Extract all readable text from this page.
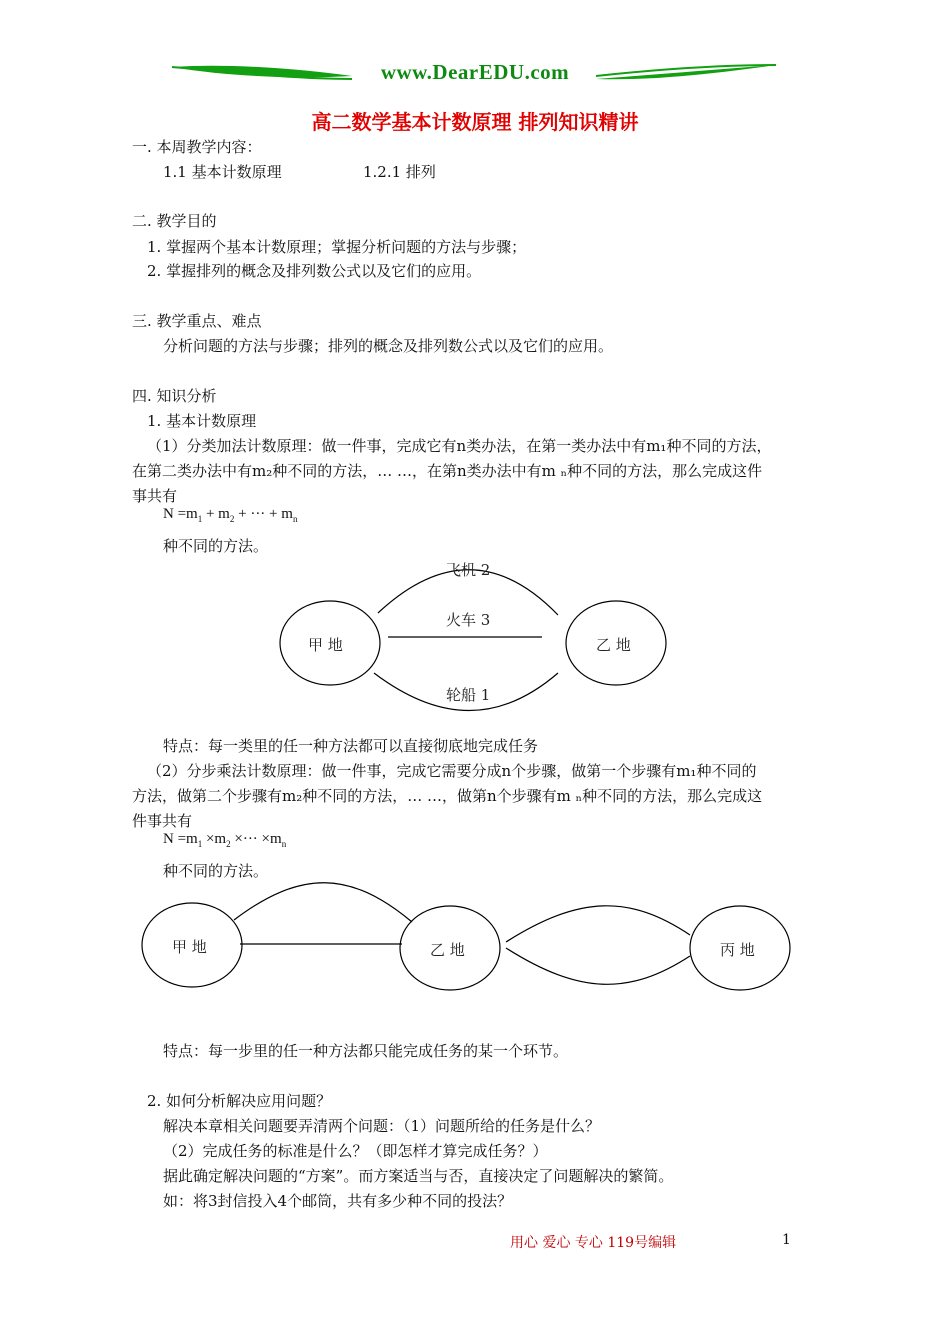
www.DearEDU.com
高二数学基本计数原理 排列知识精讲
一. 本周教学内容：
1.1 基本计数原理	1.2.1 排列
二. 教学目的
1. 掌握两个基本计数原理；掌握分析问题的方法与步骤；
2. 掌握排列的概念及排列数公式以及它们的应用。
三. 教学重点、难点
分析问题的方法与步骤；排列的概念及排列数公式以及它们的应用。
四. 知识分析
1. 基本计数原理
（1）分类加法计数原理：做一件事，完成它有n类办法，在第一类办法中有m₁种不同的方法，
在第二类办法中有m₂种不同的方法，… …，在第n类办法中有m ₙ种不同的方法，那么完成这件
事共有
$N =m_1 + m_2$ + ··· + $m_n$
种不同的方法。
甲 地	乙 地
飞机 2
火车 3
轮船 1
特点：每一类里的任一种方法都可以直接彻底地完成任务
（2）分步乘法计数原理：做一件事，完成它需要分成n个步骤，做第一个步骤有m₁种不同的
方法，做第二个步骤有m₂种不同的方法，… …，做第n个步骤有m ₙ种不同的方法，那么完成这
件事共有
$N =m_1 \times m_2$ ×··· $\times m_n$
种不同的方法。
甲 地	乙 地	丙 地
特点：每一步里的任一种方法都只能完成任务的某一个环节。
2. 如何分析解决应用问题？
解决本章相关问题要弄清两个问题：（1）问题所给的任务是什么？
（2）完成任务的标准是什么？（即怎样才算完成任务？）
据此确定解决问题的“方案”。而方案适当与否，直接决定了问题解决的繁简。
如：将3封信投入4个邮筒，共有多少种不同的投法？
用心 爱心 专心 119号编辑	1
